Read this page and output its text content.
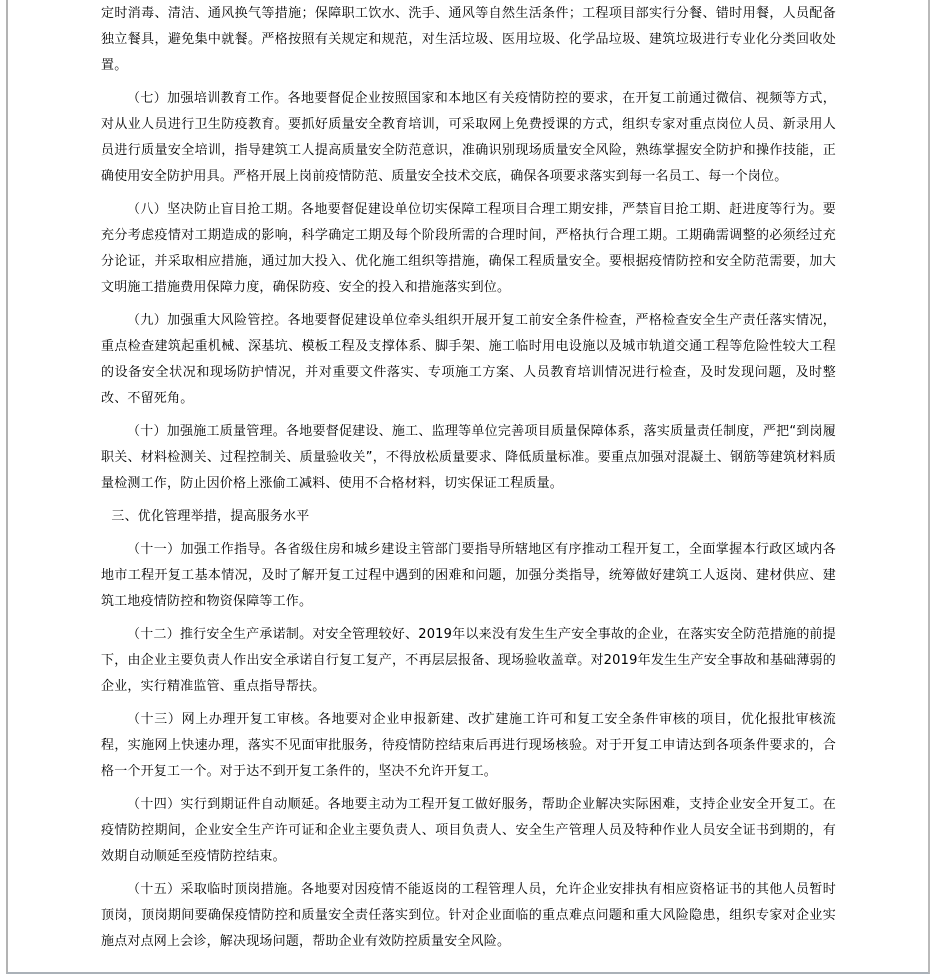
定时消毒、清洁、通风换气等措施；保障职工饮水、洗手、通风等自然生活条件；工程项目部实行分餐、错时用餐，人员配备独立餐具，避免集中就餐。严格按照有关规定和规范，对生活垃圾、医用垃圾、化学品垃圾、建筑垃圾进行专业化分类回收处置。

（七）加强培训教育工作。各地要督促企业按照国家和本地区有关疫情防控的要求，在开复工前通过微信、视频等方式，对从业人员进行卫生防疫教育。要抓好质量安全教育培训，可采取网上免费授课的方式，组织专家对重点岗位人员、新录用人员进行质量安全培训，指导建筑工人提高质量安全防范意识，准确识别现场质量安全风险，熟练掌握安全防护和操作技能，正确使用安全防护用具。严格开展上岗前疫情防范、质量安全技术交底，确保各项要求落实到每一名员工、每一个岗位。

（八）坚决防止盲目抢工期。各地要督促建设单位切实保障工程项目合理工期安排，严禁盲目抢工期、赶进度等行为。要充分考虑疫情对工期造成的影响，科学确定工期及每个阶段所需的合理时间，严格执行合理工期。工期确需调整的必须经过充分论证，并采取相应措施，通过加大投入、优化施工组织等措施，确保工程质量安全。要根据疫情防控和安全防范需要，加大文明施工措施费用保障力度，确保防疫、安全的投入和措施落实到位。

（九）加强重大风险管控。各地要督促建设单位牵头组织开展开复工前安全条件检查，严格检查安全生产责任落实情况，重点检查建筑起重机械、深基坑、模板工程及支撑体系、脚手架、施工临时用电设施以及城市轨道交通工程等危险性较大工程的设备安全状况和现场防护情况，并对重要文件落实、专项施工方案、人员教育培训情况进行检查，及时发现问题，及时整改、不留死角。

（十）加强施工质量管理。各地要督促建设、施工、监理等单位完善项目质量保障体系，落实质量责任制度，严把“到岗履职关、材料检测关、过程控制关、质量验收关”，不得放松质量要求、降低质量标准。要重点加强对混凝土、钢筋等建筑材料质量检测工作，防止因价格上涨偷工减料、使用不合格材料，切实保证工程质量。

三、优化管理举措，提高服务水平

（十一）加强工作指导。各省级住房和城乡建设主管部门要指导所辖地区有序推动工程开复工，全面掌握本行政区域内各地市工程开复工基本情况，及时了解开复工过程中遇到的困难和问题，加强分类指导，统筹做好建筑工人返岗、建材供应、建筑工地疫情防控和物资保障等工作。

（十二）推行安全生产承诺制。对安全管理较好、2019年以来没有发生生产安全事故的企业，在落实安全防范措施的前提下，由企业主要负责人作出安全承诺自行复工复产，不再层层报备、现场验收盖章。对2019年发生生产安全事故和基础薄弱的企业，实行精准监管、重点指导帮扶。

（十三）网上办理开复工审核。各地要对企业申报新建、改扩建施工许可和复工安全条件审核的项目，优化报批审核流程，实施网上快速办理，落实不见面审批服务，待疫情防控结束后再进行现场核验。对于开复工申请达到各项条件要求的，合格一个开复工一个。对于达不到开复工条件的，坚决不允许开复工。

（十四）实行到期证件自动顺延。各地要主动为工程开复工做好服务，帮助企业解决实际困难，支持企业安全开复工。在疫情防控期间，企业安全生产许可证和企业主要负责人、项目负责人、安全生产管理人员及特种作业人员安全证书到期的，有效期自动顺延至疫情防控结束。

（十五）采取临时顶岗措施。各地要对因疫情不能返岗的工程管理人员，允许企业安排执有相应资格证书的其他人员暂时顶岗，顶岗期间要确保疫情防控和质量安全责任落实到位。针对企业面临的重点难点问题和重大风险隐患，组织专家对企业实施点对点网上会诊，解决现场问题，帮助企业有效防控质量安全风险。
